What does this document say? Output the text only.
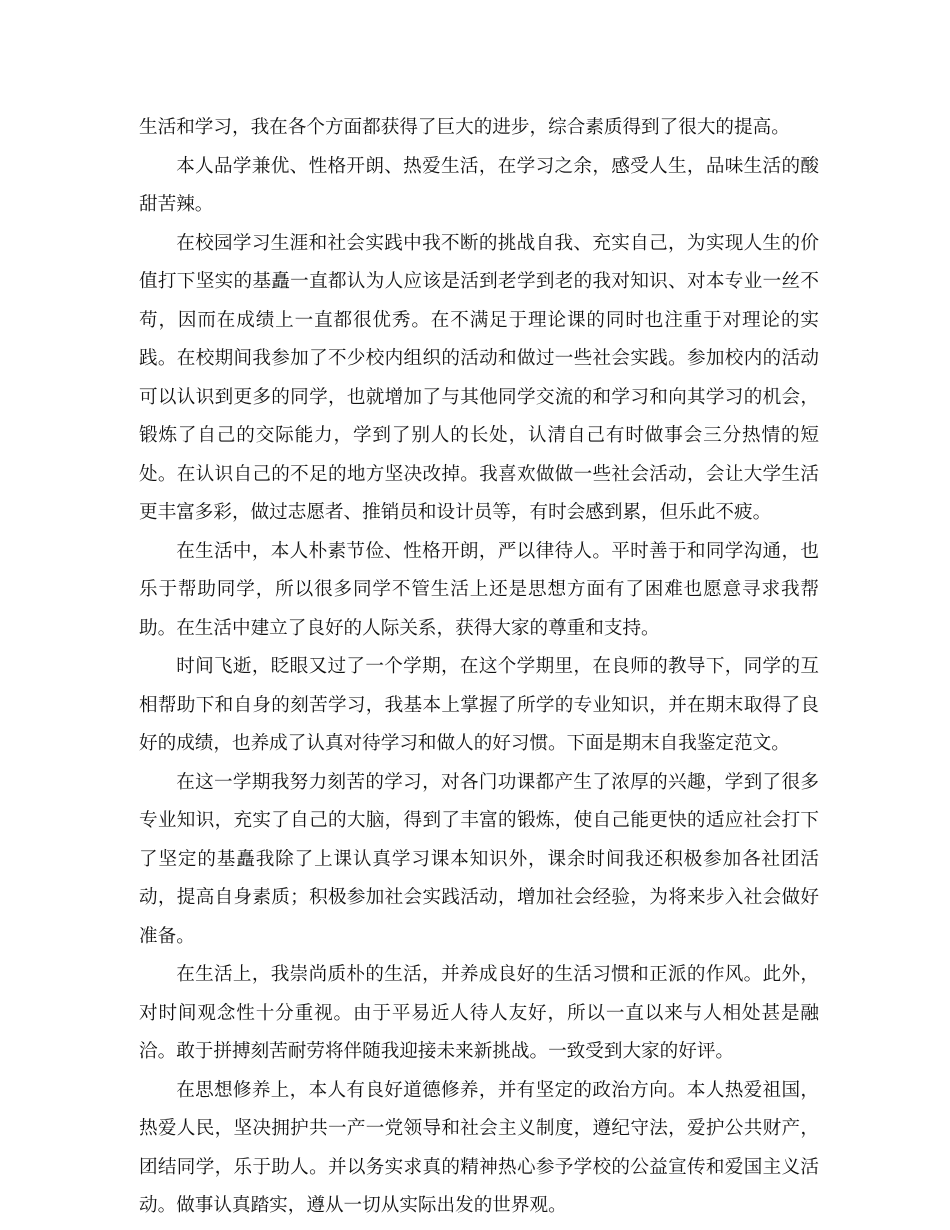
生活和学习，我在各个方面都获得了巨大的进步，综合素质得到了很大的提高。

本人品学兼优、性格开朗、热爱生活，在学习之余，感受人生，品味生活的酸甜苦辣。

在校园学习生涯和社会实践中我不断的挑战自我、充实自己，为实现人生的价值打下坚实的基矗一直都认为人应该是活到老学到老的我对知识、对本专业一丝不苟，因而在成绩上一直都很优秀。在不满足于理论课的同时也注重于对理论的实践。在校期间我参加了不少校内组织的活动和做过一些社会实践。参加校内的活动可以认识到更多的同学，也就增加了与其他同学交流的和学习和向其学习的机会，锻炼了自己的交际能力，学到了别人的长处，认清自己有时做事会三分热情的短处。在认识自己的不足的地方坚决改掉。我喜欢做做一些社会活动，会让大学生活更丰富多彩，做过志愿者、推销员和设计员等，有时会感到累，但乐此不疲。

在生活中，本人朴素节俭、性格开朗，严以律待人。平时善于和同学沟通，也乐于帮助同学，所以很多同学不管生活上还是思想方面有了困难也愿意寻求我帮助。在生活中建立了良好的人际关系，获得大家的尊重和支持。

时间飞逝，眨眼又过了一个学期，在这个学期里，在良师的教导下，同学的互相帮助下和自身的刻苦学习，我基本上掌握了所学的专业知识，并在期末取得了良好的成绩，也养成了认真对待学习和做人的好习惯。下面是期末自我鉴定范文。

在这一学期我努力刻苦的学习，对各门功课都产生了浓厚的兴趣，学到了很多专业知识，充实了自己的大脑，得到了丰富的锻炼，使自己能更快的适应社会打下了坚定的基矗我除了上课认真学习课本知识外，课余时间我还积极参加各社团活动，提高自身素质；积极参加社会实践活动，增加社会经验，为将来步入社会做好准备。

在生活上，我崇尚质朴的生活，并养成良好的生活习惯和正派的作风。此外，对时间观念性十分重视。由于平易近人待人友好，所以一直以来与人相处甚是融洽。敢于拼搏刻苦耐劳将伴随我迎接未来新挑战。一致受到大家的好评。

在思想修养上，本人有良好道德修养，并有坚定的政治方向。本人热爱祖国，热爱人民，坚决拥护共一产一党领导和社会主义制度，遵纪守法，爱护公共财产，团结同学，乐于助人。并以务实求真的精神热心参予学校的公益宣传和爱国主义活动。做事认真踏实，遵从一切从实际出发的世界观。
